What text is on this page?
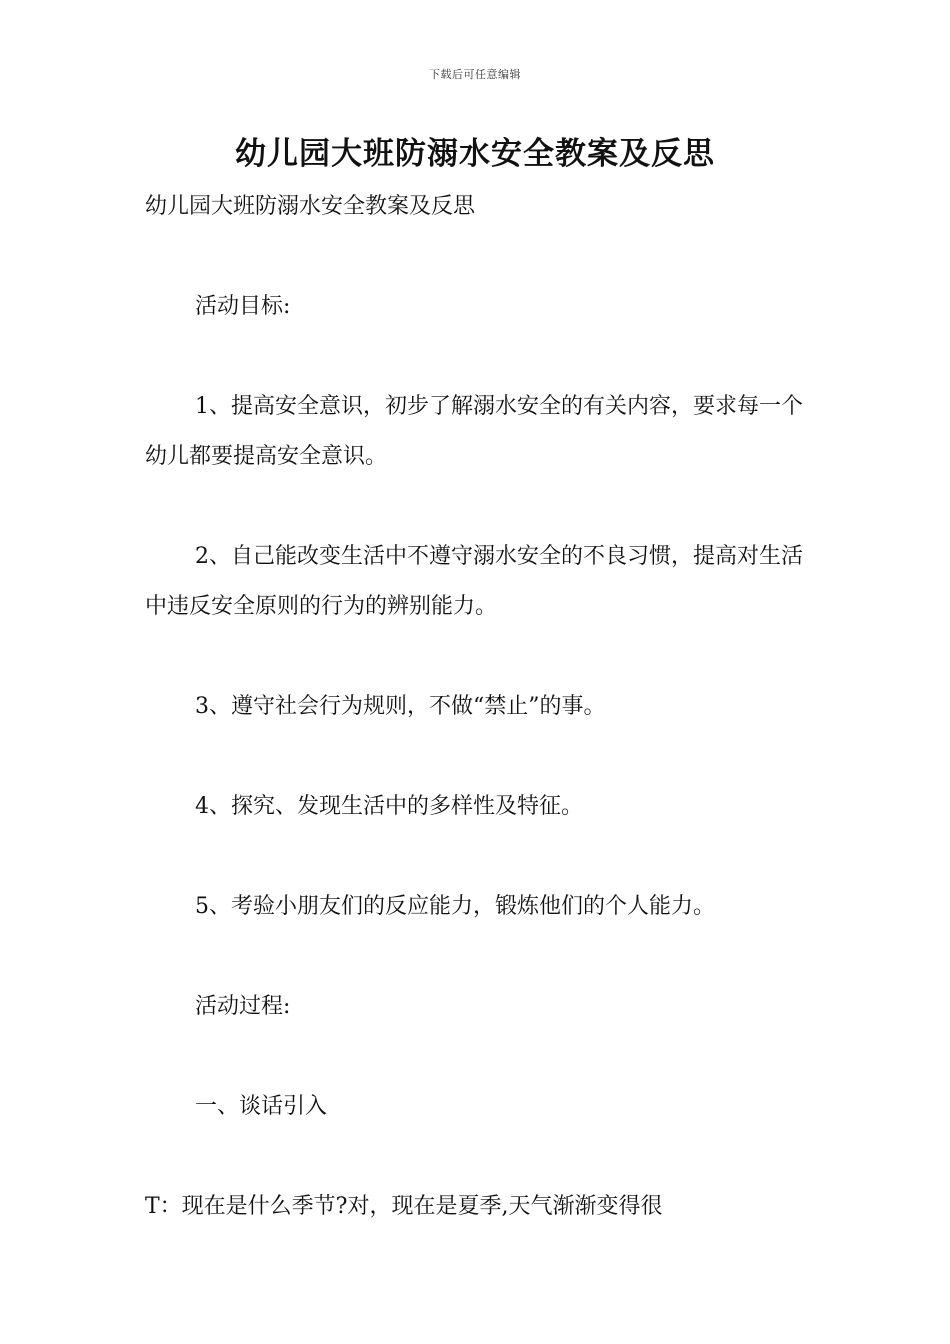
下载后可任意编辑
幼儿园大班防溺水安全教案及反思

幼儿园大班防溺水安全教案及反思

活动目标:

1、提高安全意识，初步了解溺水安全的有关内容，要求每一个幼儿都要提高安全意识。

2、自己能改变生活中不遵守溺水安全的不良习惯，提高对生活中违反安全原则的行为的辨别能力。

3、遵守社会行为规则，不做“禁止”的事。

4、探究、发现生活中的多样性及特征。

5、考验小朋友们的反应能力，锻炼他们的个人能力。

活动过程:

一、谈话引入

T：现在是什么季节?对，现在是夏季,天气渐渐变得很
